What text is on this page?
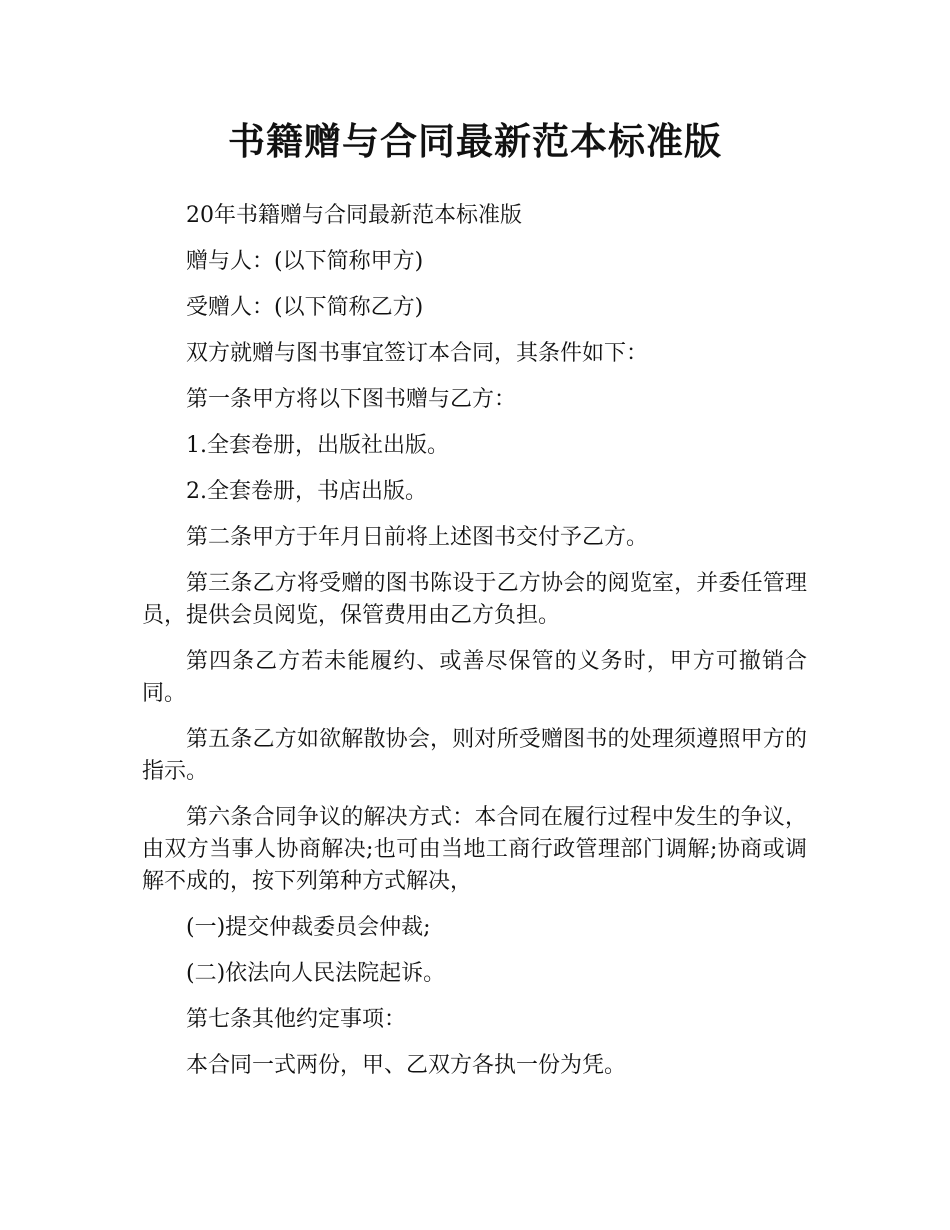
书籍赠与合同最新范本标准版

20年书籍赠与合同最新范本标准版

赠与人：(以下简称甲方)

受赠人：(以下简称乙方)

双方就赠与图书事宜签订本合同，其条件如下：

第一条甲方将以下图书赠与乙方：

1.全套卷册，出版社出版。

2.全套卷册，书店出版。

第二条甲方于年月日前将上述图书交付予乙方。

第三条乙方将受赠的图书陈设于乙方协会的阅览室，并委任管理员，提供会员阅览，保管费用由乙方负担。

第四条乙方若未能履约、或善尽保管的义务时，甲方可撤销合同。

第五条乙方如欲解散协会，则对所受赠图书的处理须遵照甲方的指示。

第六条合同争议的解决方式：本合同在履行过程中发生的争议，由双方当事人协商解决;也可由当地工商行政管理部门调解;协商或调解不成的，按下列第种方式解决，

(一)提交仲裁委员会仲裁;

(二)依法向人民法院起诉。

第七条其他约定事项：

本合同一式两份，甲、乙双方各执一份为凭。
